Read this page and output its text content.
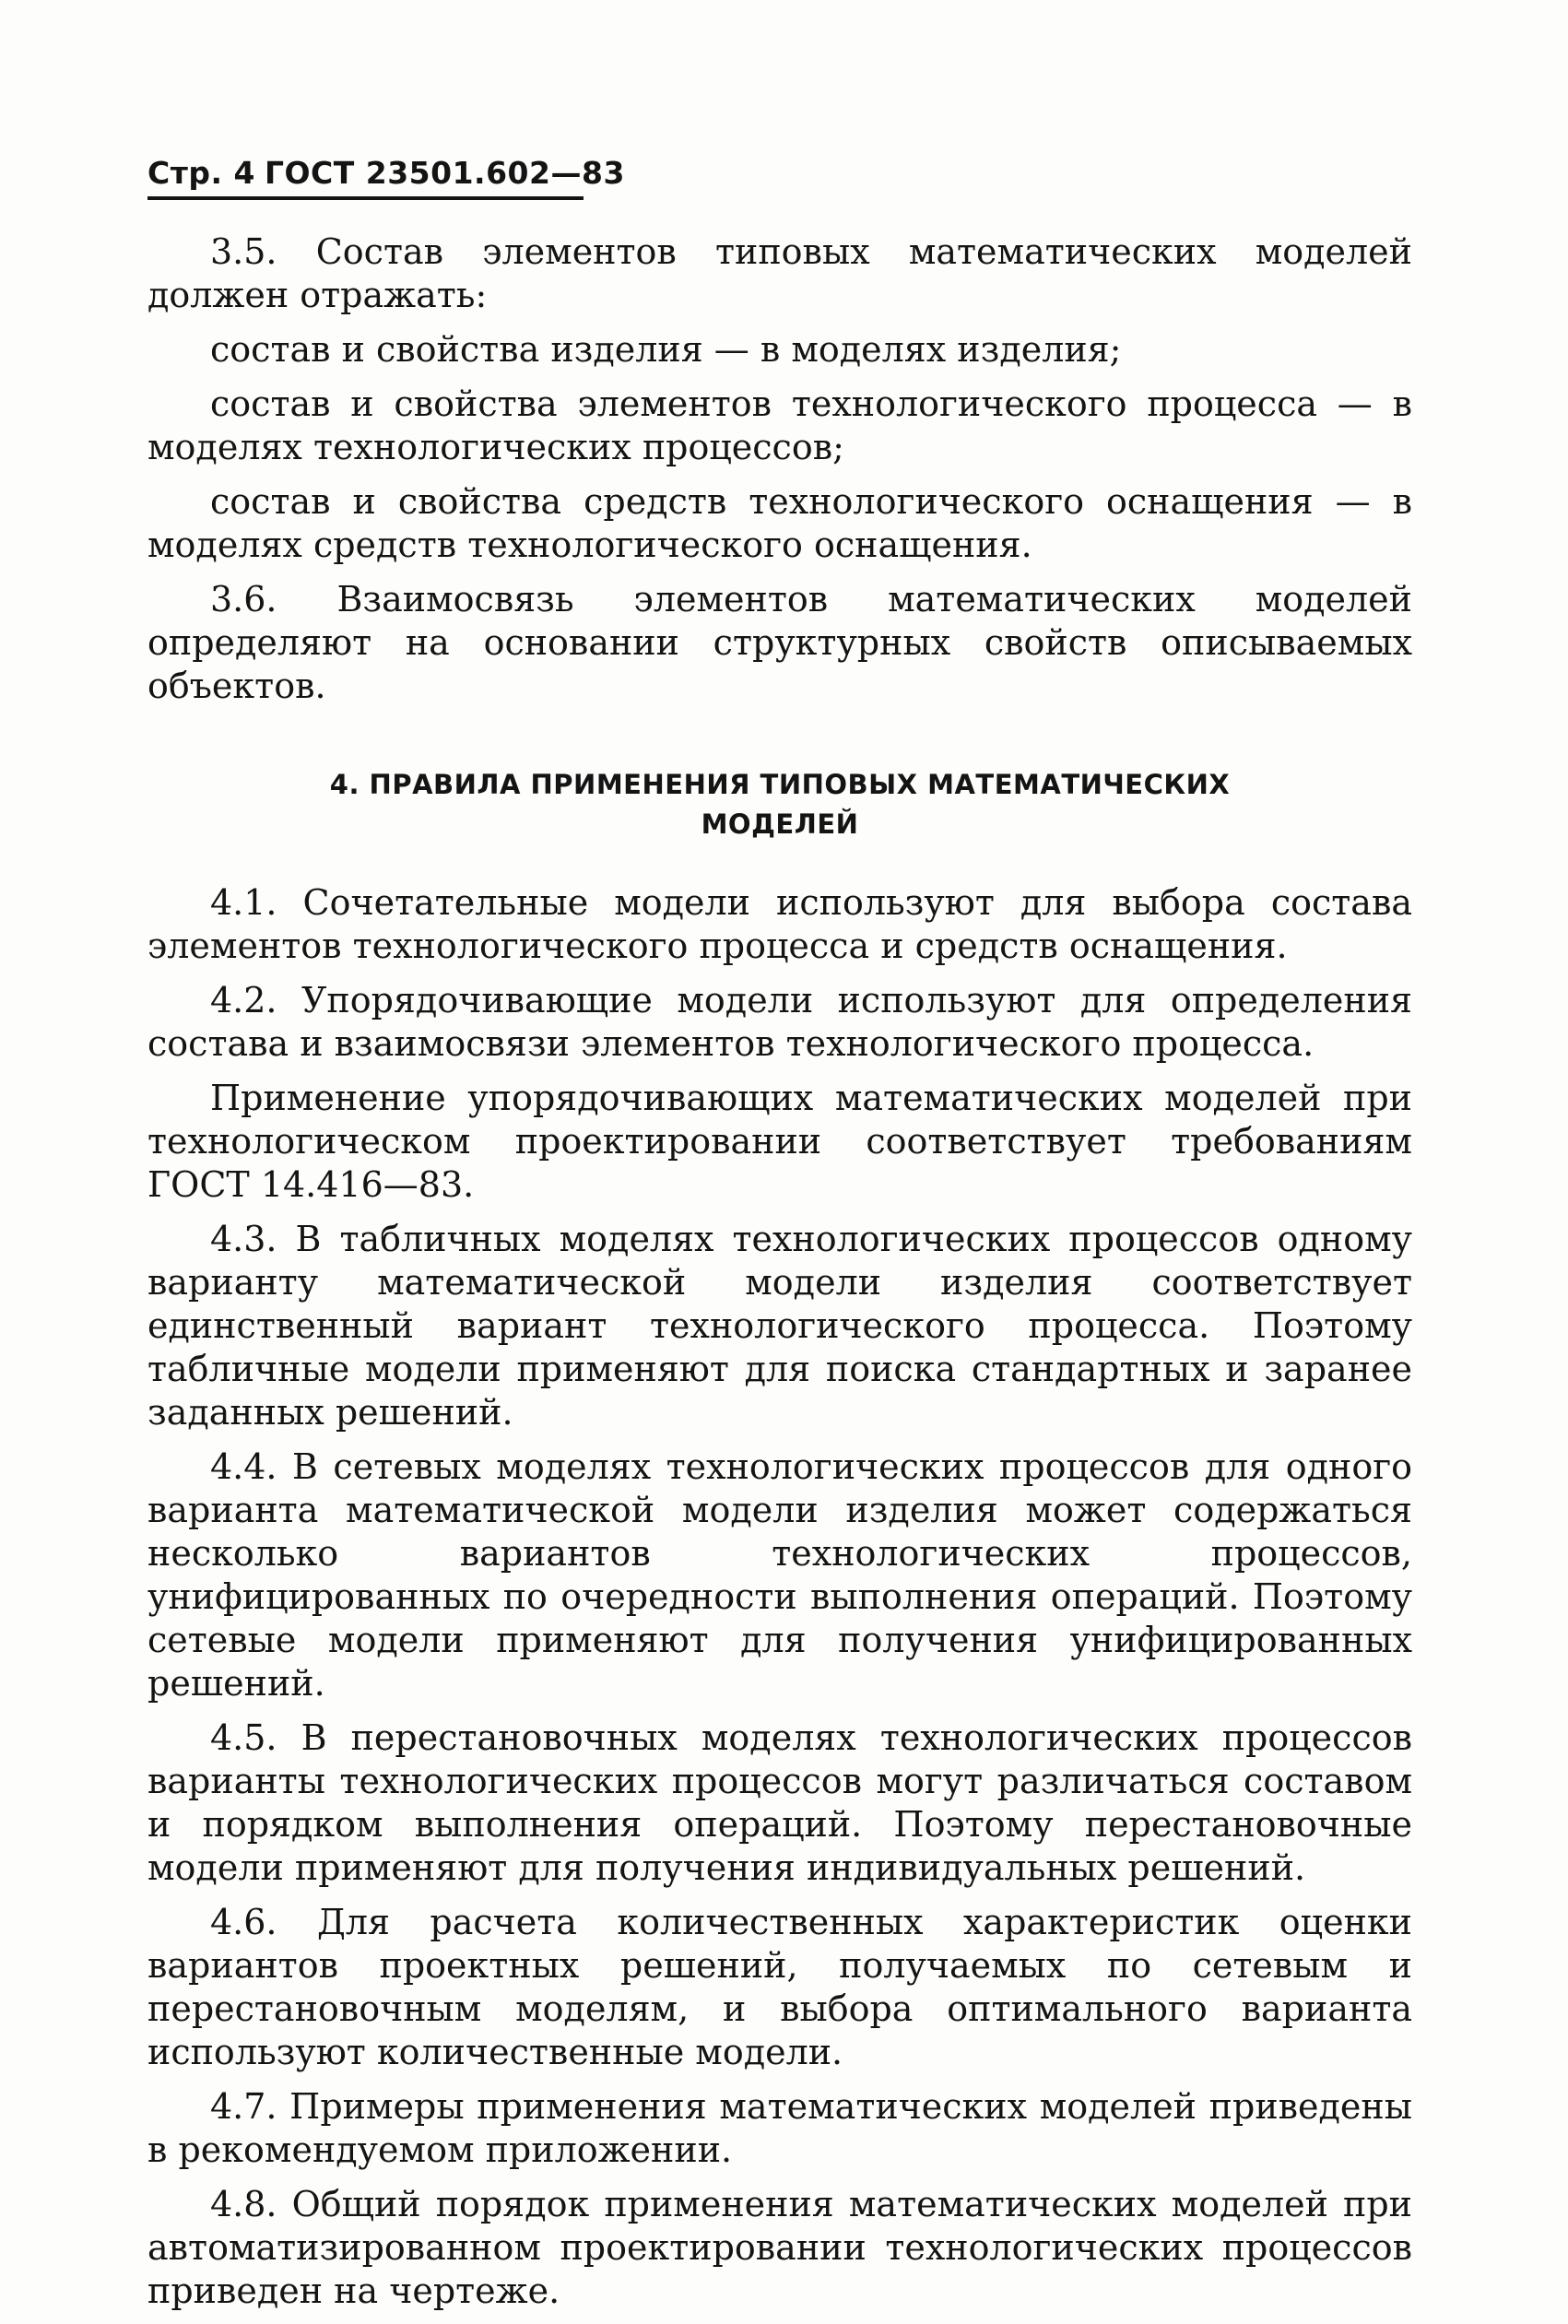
Стр. 4 ГОСТ 23501.602—83

3.5. Состав элементов типовых математических моделей должен отражать:

состав и свойства изделия — в моделях изделия;

состав и свойства элементов технологического процесса — в моделях технологических процессов;

состав и свойства средств технологического оснащения — в моделях средств технологического оснащения.

3.6. Взаимосвязь элементов математических моделей определяют на основании структурных свойств описываемых объектов.

4. ПРАВИЛА ПРИМЕНЕНИЯ ТИПОВЫХ МАТЕМАТИЧЕСКИХ
МОДЕЛЕЙ

4.1. Сочетательные модели используют для выбора состава элементов технологического процесса и средств оснащения.

4.2. Упорядочивающие модели используют для определения состава и взаимосвязи элементов технологического процесса.

Применение упорядочивающих математических моделей при технологическом проектировании соответствует требованиям ГОСТ 14.416—83.

4.3. В табличных моделях технологических процессов одному варианту математической модели изделия соответствует единственный вариант технологического процесса. Поэтому табличные модели применяют для поиска стандартных и заранее заданных решений.

4.4. В сетевых моделях технологических процессов для одного варианта математической модели изделия может содержаться несколько вариантов технологических процессов, унифицированных по очередности выполнения операций. Поэтому сетевые модели применяют для получения унифицированных решений.

4.5. В перестановочных моделях технологических процессов варианты технологических процессов могут различаться составом и порядком выполнения операций. Поэтому перестановочные модели применяют для получения индивидуальных решений.

4.6. Для расчета количественных характеристик оценки вариантов проектных решений, получаемых по сетевым и перестановочным моделям, и выбора оптимального варианта используют количественные модели.

4.7. Примеры применения математических моделей приведены в рекомендуемом приложении.

4.8. Общий порядок применения математических моделей при автоматизированном проектировании технологических процессов приведен на чертеже.
